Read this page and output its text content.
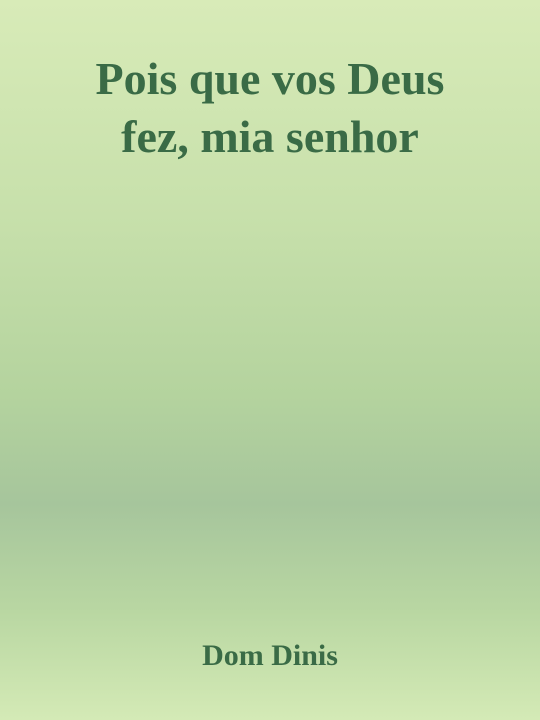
Pois que vos Deus
fez, mia senhor
Dom Dinis
